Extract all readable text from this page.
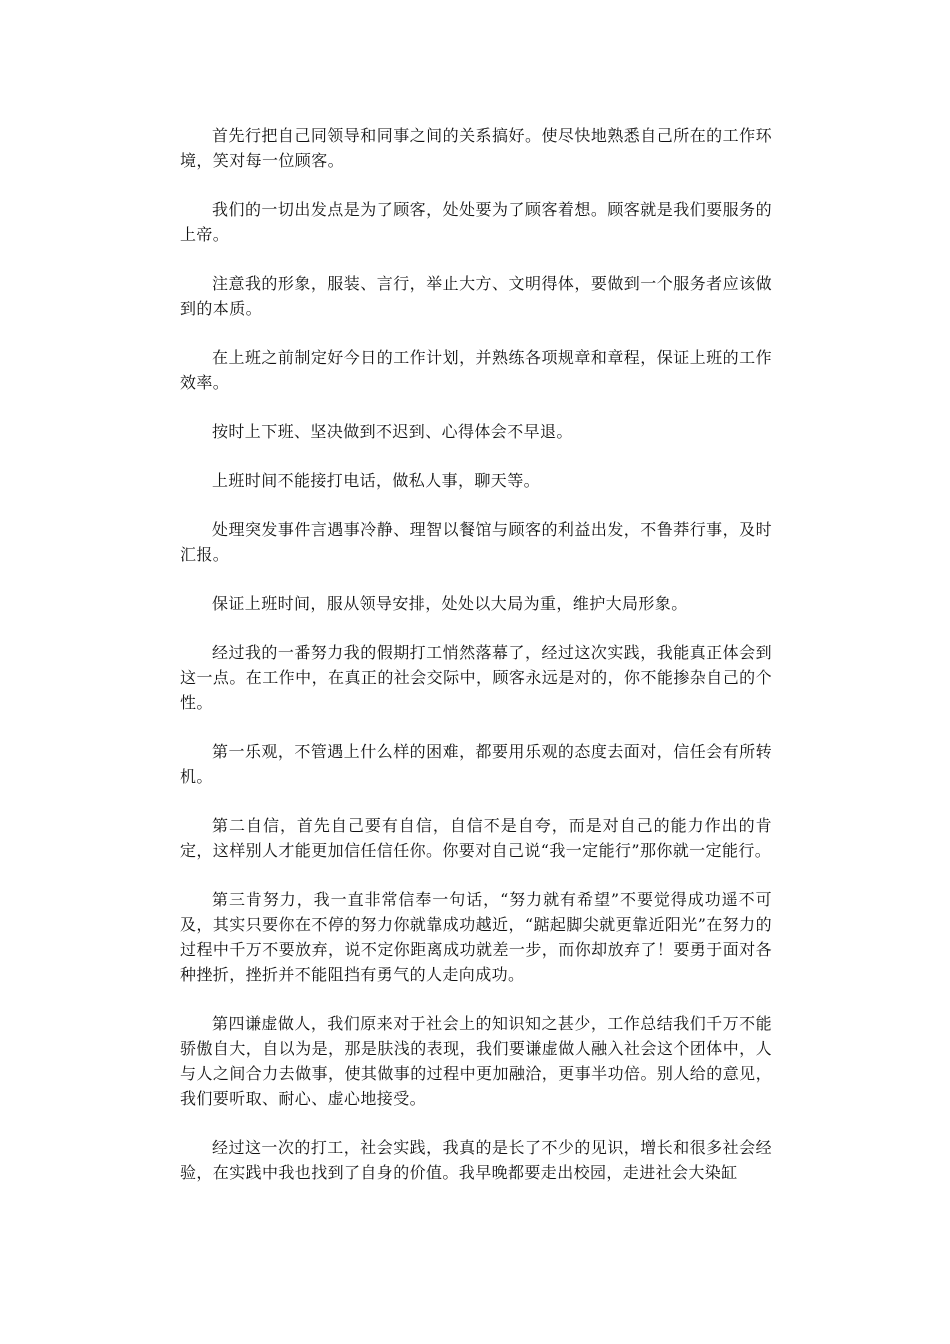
首先行把自己同领导和同事之间的关系搞好。使尽快地熟悉自己所在的工作环境，笑对每一位顾客。

我们的一切出发点是为了顾客，处处要为了顾客着想。顾客就是我们要服务的上帝。

注意我的形象，服装、言行，举止大方、文明得体，要做到一个服务者应该做到的本质。

在上班之前制定好今日的工作计划，并熟练各项规章和章程，保证上班的工作效率。

按时上下班、坚决做到不迟到、心得体会不早退。

上班时间不能接打电话，做私人事，聊天等。

处理突发事件言遇事冷静、理智以餐馆与顾客的利益出发，不鲁莽行事，及时汇报。

保证上班时间，服从领导安排，处处以大局为重，维护大局形象。

经过我的一番努力我的假期打工悄然落幕了，经过这次实践，我能真正体会到这一点。在工作中，在真正的社会交际中，顾客永远是对的，你不能掺杂自己的个性。

第一乐观，不管遇上什么样的困难，都要用乐观的态度去面对，信任会有所转机。

第二自信，首先自己要有自信，自信不是自夸，而是对自己的能力作出的肯定，这样别人才能更加信任信任你。你要对自己说“我一定能行”那你就一定能行。

第三肯努力，我一直非常信奉一句话，“努力就有希望”不要觉得成功遥不可及，其实只要你在不停的努力你就靠成功越近，“踮起脚尖就更靠近阳光”在努力的过程中千万不要放弃，说不定你距离成功就差一步，而你却放弃了！要勇于面对各种挫折，挫折并不能阻挡有勇气的人走向成功。

第四谦虚做人，我们原来对于社会上的知识知之甚少，工作总结我们千万不能骄傲自大，自以为是，那是肤浅的表现，我们要谦虚做人融入社会这个团体中，人与人之间合力去做事，使其做事的过程中更加融洽，更事半功倍。别人给的意见，我们要听取、耐心、虚心地接受。

经过这一次的打工，社会实践，我真的是长了不少的见识，增长和很多社会经验，在实践中我也找到了自身的价值。我早晚都要走出校园，走进社会大染缸
